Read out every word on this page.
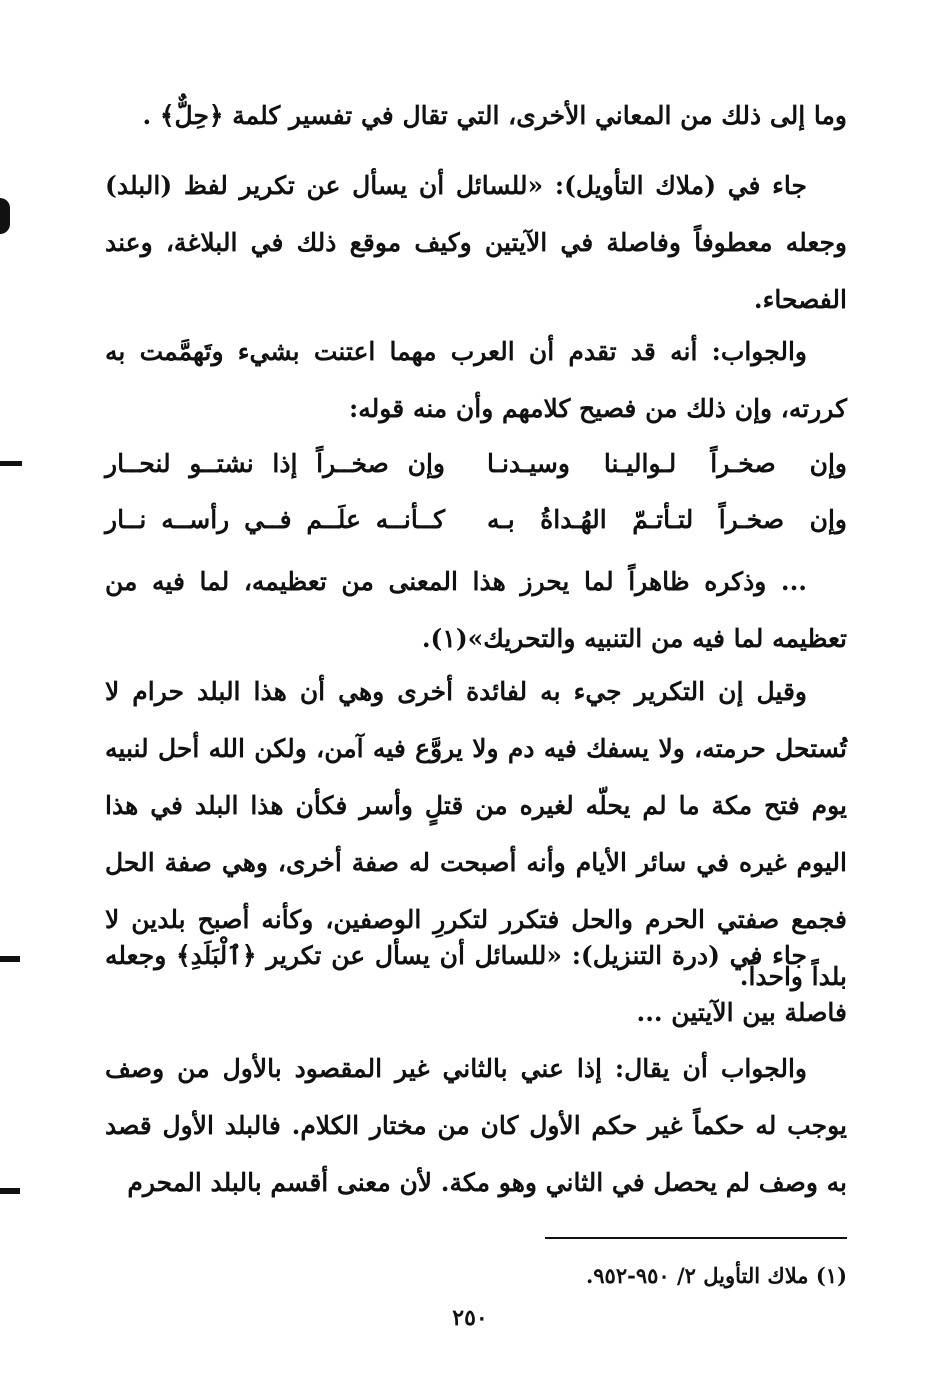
وما إلى ذلك من المعاني الأخرى، التي تقال في تفسير كلمة ﴿حِلٌّ﴾ .
جاء في (ملاك التأويل): «للسائل أن يسأل عن تكرير لفظ (البلد) وجعله معطوفاً وفاصلة في الآيتين وكيف موقع ذلك في البلاغة، وعند الفصحاء.
والجواب: أنه قد تقدم أن العرب مهما اعتنت بشيء وتَهمَّمت به كررته، وإن ذلك من فصيح كلامهم وأن منه قوله:
وإن صخـراً لـواليـنا وسيـدنـا
وإن صخــراً إذا نشتــو لنحــار
وإن صخـراً لتـأتـمّ الهُـداةُ بـه
كــأنــه علَــم فــي رأســه نــار
... وذكره ظاهراً لما يحرز هذا المعنى من تعظيمه، لما فيه من تعظيمه لما فيه من التنبيه والتحريك»(١).
وقيل إن التكرير جيء به لفائدة أخرى وهي أن هذا البلد حرام لا تُستحل حرمته، ولا يسفك فيه دم ولا يروَّع فيه آمن، ولكن الله أحل لنبيه يوم فتح مكة ما لم يحلّه لغيره من قتلٍ وأسر فكأن هذا البلد في هذا اليوم غيره في سائر الأيام وأنه أصبحت له صفة أخرى، وهي صفة الحل فجمع صفتي الحرم والحل فتكرر لتكررِ الوصفين، وكأنه أصبح بلدين لا بلداً واحداً.
جاء في (درة التنزيل): «للسائل أن يسأل عن تكرير ﴿ٱلْبَلَدِ﴾ وجعله فاصلة بين الآيتين ...
والجواب أن يقال: إذا عني بالثاني غير المقصود بالأول من وصف يوجب له حكماً غير حكم الأول كان من مختار الكلام. فالبلد الأول قصد به وصف لم يحصل في الثاني وهو مكة. لأن معنى أقسم بالبلد المحرم
(١) ملاك التأويل ٢/ ٩٥٠-٩٥٢.
٢٥٠
